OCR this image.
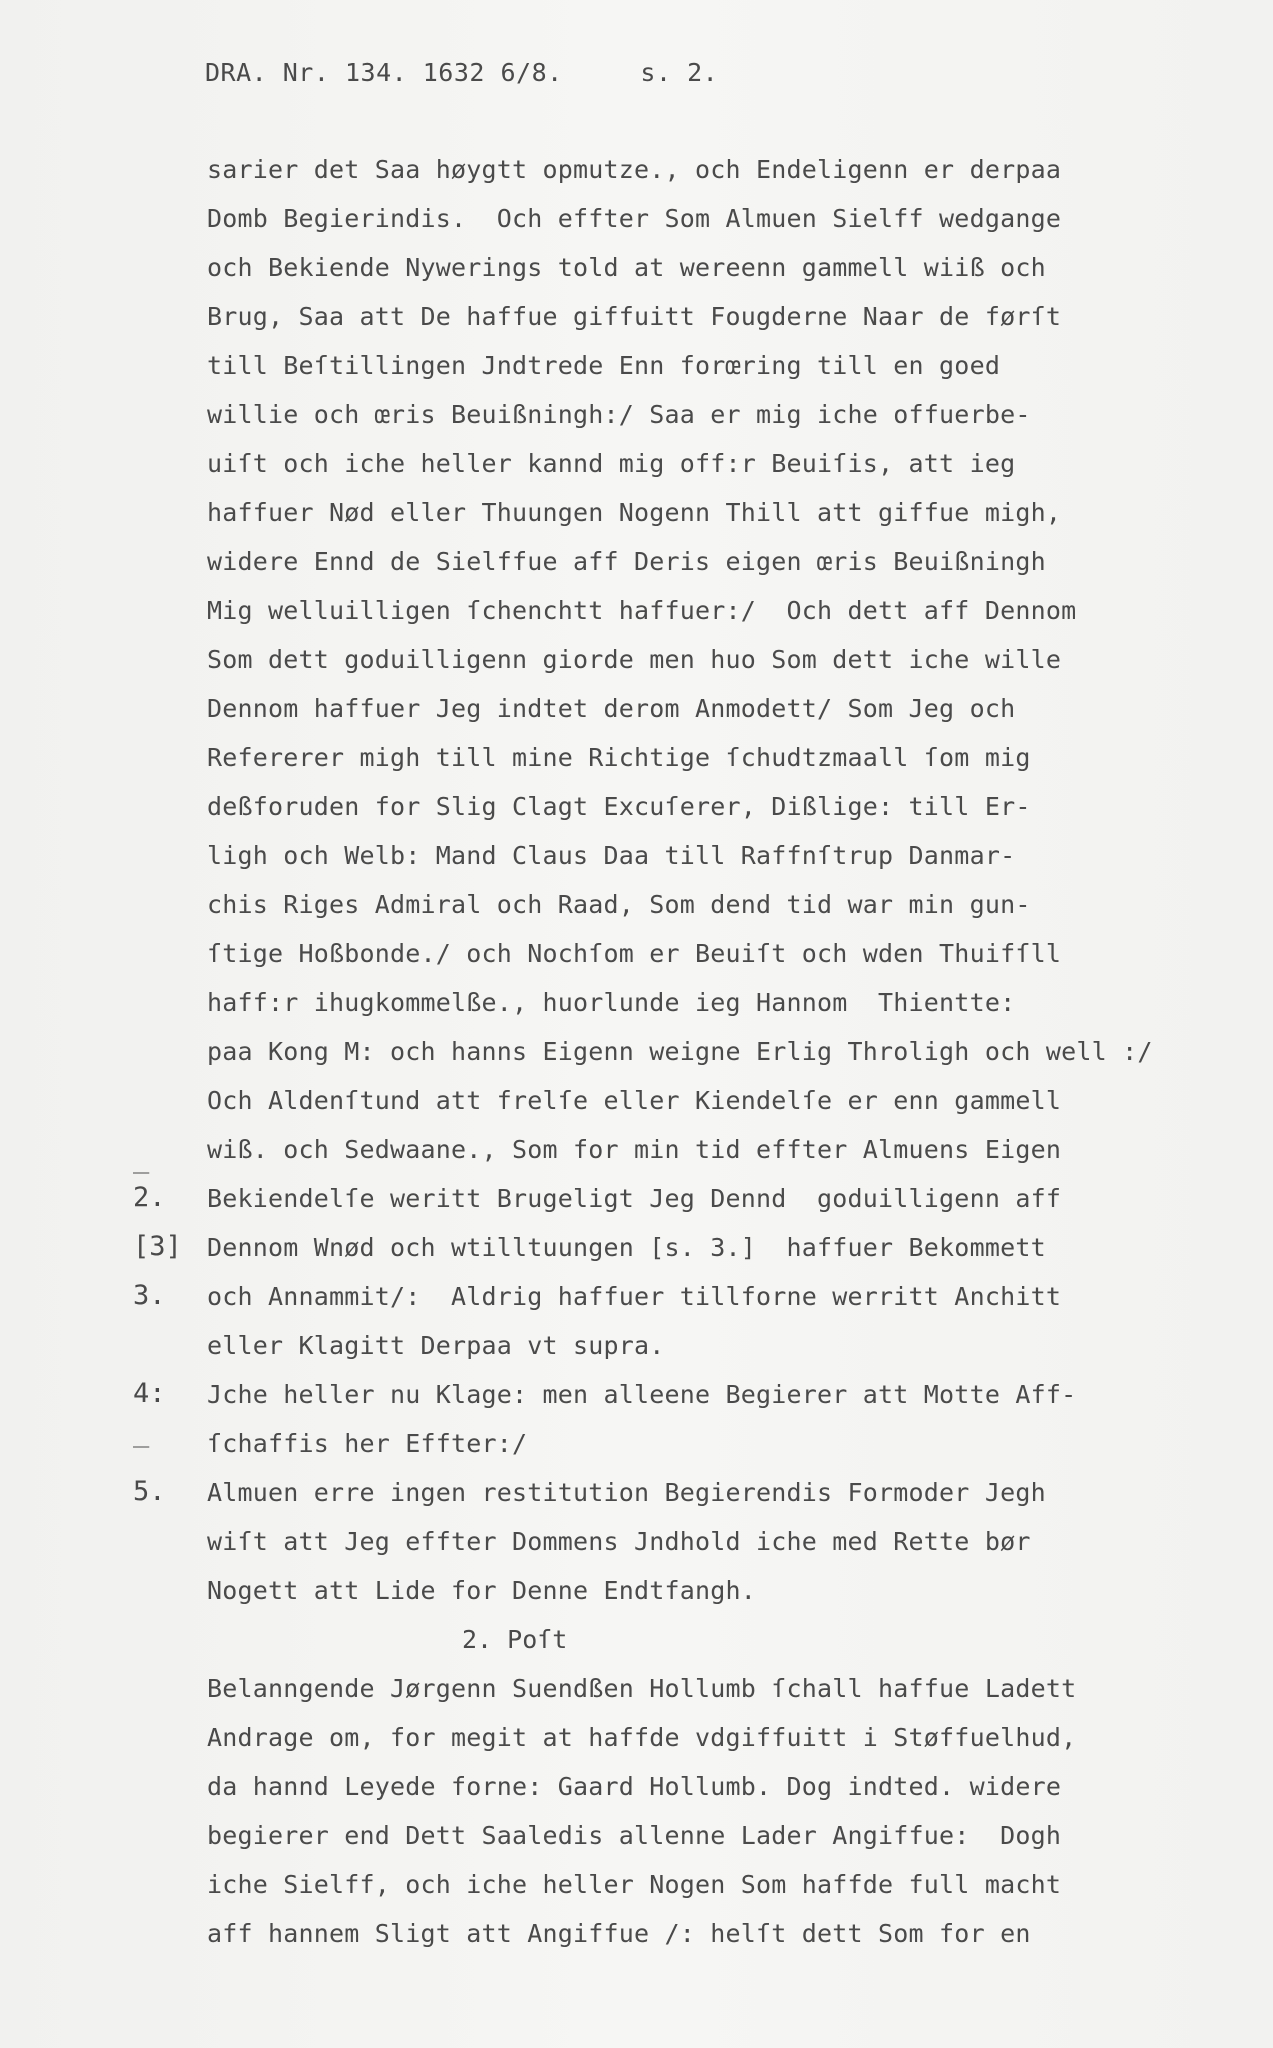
DRA. Nr. 134. 1632 6/8.     s. 2.
sarier det Saa høygtt opmutze., och Endeligenn er derpaa
Domb Begierindis.  Och effter Som Almuen Sielff wedgange
och Bekiende Nywerings told at wereenn gammell wiiß och
Brug, Saa att De haffue giffuitt Fougderne Naar de førſt
till Beſtillingen Jndtrede Enn forœring till en goed
willie och œris Beuißningh:/ Saa er mig iche offuerbe-
uiſt och iche heller kannd mig off:r Beuiſis, att ieg
haffuer Nød eller Thuungen Nogenn Thill att giffue migh,
widere Ennd de Sielffue aff Deris eigen œris Beuißningh
Mig welluilligen ſchenchtt haffuer:/  Och dett aff Dennom
Som dett goduilligenn giorde men huo Som dett iche wille
Dennom haffuer Jeg indtet derom Anmodett/ Som Jeg och
Refererer migh till mine Richtige ſchudtzmaall ſom mig
deßforuden for Slig Clagt Excuſerer, Dißlige: till Er-
ligh och Welb: Mand Claus Daa till Raffnſtrup Danmar-
chis Riges Admiral och Raad, Som dend tid war min gun-
ſtige Hoßbonde./ och Nochſom er Beuiſt och wden Thuifſll
haff:r ihugkommelße., huorlunde ieg Hannom  Thientte:
paa Kong M: och hanns Eigenn weigne Erlig Throligh och well :/
Och Aldenſtund att frelſe eller Kiendelſe er enn gammell
wiß. och Sedwaane., Som for min tid effter Almuens Eigen
Bekiendelſe weritt Brugeligt Jeg Dennd  goduilligenn aff
Dennom Wnød och wtilltuungen [s. 3.]  haffuer Bekommett
och Annammit/:  Aldrig haffuer tillforne werritt Anchitt
eller Klagitt Derpaa vt supra.
Jche heller nu Klage: men alleene Begierer att Motte Aff-
ſchaffis her Effter:/
Almuen erre ingen restitution Begierendis Formoder Jegh
wiſt att Jeg effter Dommens Jndhold iche med Rette bør
Nogett att Lide for Denne Endtfangh.
2. Poſt
Belanngende Jørgenn Suendßen Hollumb ſchall haffue Ladett
Andrage om, for megit at haffde vdgiffuitt i Støffuelhud,
da hannd Leyede forne: Gaard Hollumb. Dog indted. widere
begierer end Dett Saaledis allenne Lader Angiffue:  Dogh
iche Sielff, och iche heller Nogen Som haffde full macht
aff hannem Sligt att Angiffue /: helſt dett Som for en
_
2.
[3]
3.
4:
_
5.
